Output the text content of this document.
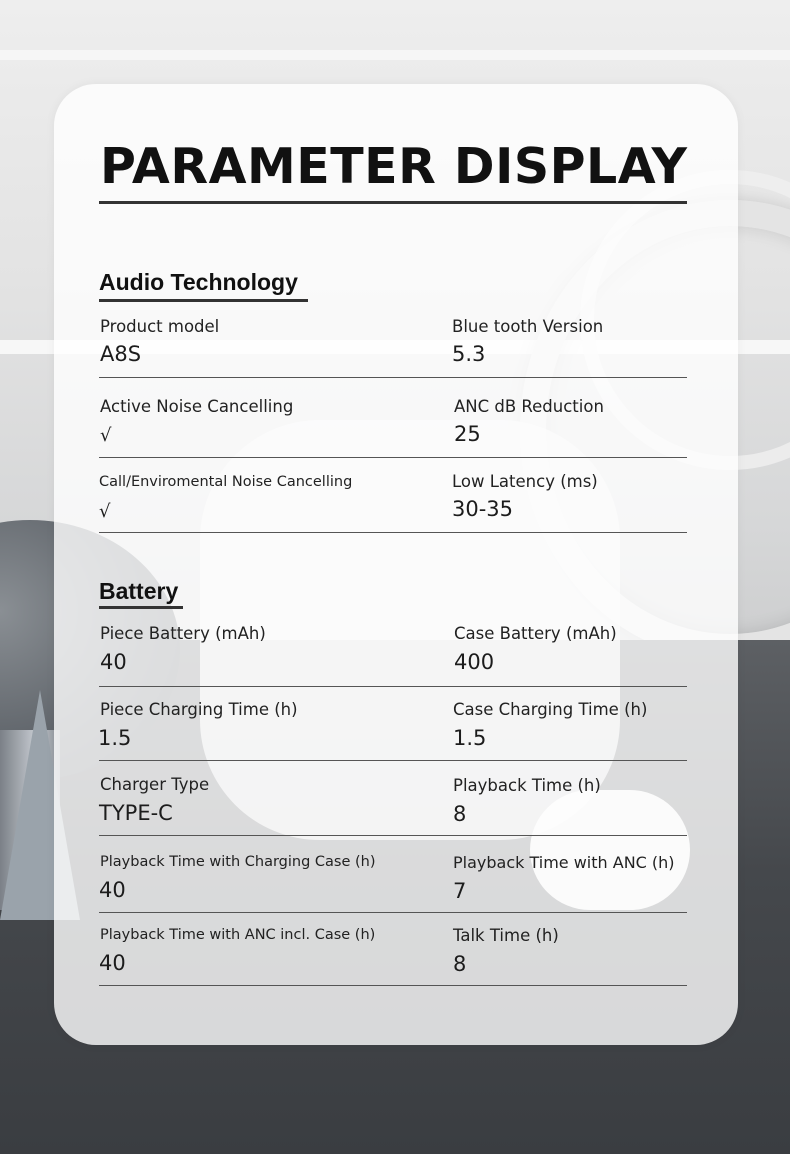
PARAMETER DISPLAY
Audio Technology
Product model
A8S
Blue tooth Version
5.3
Active Noise Cancelling
√
ANC dB Reduction
25
Call/Enviromental Noise Cancelling
√
Low Latency (ms)
30-35
Battery
Piece Battery (mAh)
40
Case Battery (mAh)
400
Piece Charging Time (h)
1.5
Case Charging Time (h)
1.5
Charger Type
TYPE-C
Playback Time (h)
8
Playback Time with Charging Case (h)
40
Playback Time with ANC (h)
7
Playback Time with ANC incl. Case (h)
40
Talk Time (h)
8
